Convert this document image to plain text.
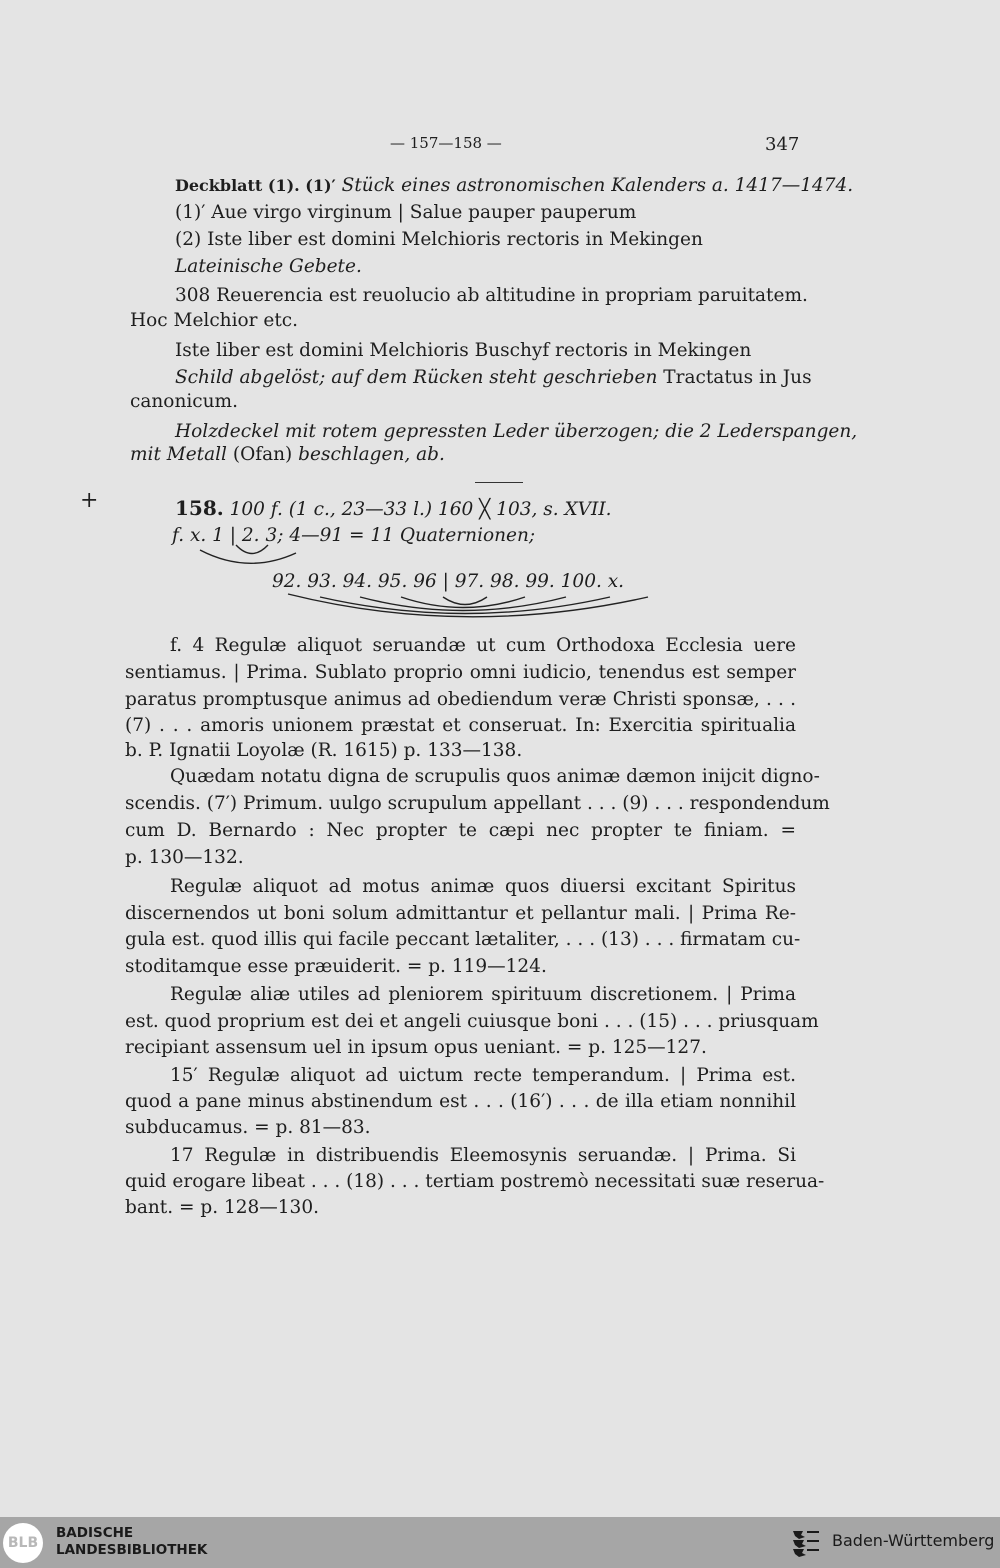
— 157—158 —	347
Deckblatt (1). (1)′ Stück eines astronomischen Kalenders a. 1417—1474.
(1)′ Aue virgo virginum | Salue pauper pauperum
(2) Iste liber est domini Melchioris rectoris in Mekingen
Lateinische Gebete.
308 Reuerencia est reuolucio ab altitudine in propriam paruitatem.
Hoc Melchior etc.
Iste liber est domini Melchioris Buschyf rectoris in Mekingen
Schild abgelöst; auf dem Rücken steht geschrieben Tractatus in Jus
canonicum.
Holzdeckel mit rotem gepressten Leder überzogen; die 2 Lederspangen,
mit Metall (Ofan) beschlagen, ab.
+	158. 100 f. (1 c., 23—33 l.) 160 ╳ 103, s. XVII.
f. x. 1 | 2. 3; 4—91 = 11 Quaternionen;
92. 93. 94. 95. 96 | 97. 98. 99. 100. x.
f. 4 Regulæ aliquot seruandæ ut cum Orthodoxa Ecclesia uere
sentiamus. | Prima. Sublato proprio omni iudicio, tenendus est semper
paratus promptusque animus ad obediendum veræ Christi sponsæ, . . .
(7) . . . amoris unionem præstat et conseruat. In: Exercitia spiritualia
b. P. Ignatii Loyolæ (R. 1615) p. 133—138.
Quædam notatu digna de scrupulis quos animæ dæmon inijcit digno-
scendis. (7′) Primum. uulgo scrupulum appellant . . . (9) . . . respondendum
cum D. Bernardo : Nec propter te cæpi nec propter te finiam. =
p. 130—132.
Regulæ aliquot ad motus animæ quos diuersi excitant Spiritus
discernendos ut boni solum admittantur et pellantur mali. | Prima Re-
gula est. quod illis qui facile peccant lætaliter, . . . (13) . . . firmatam cu-
stoditamque esse præuiderit. = p. 119—124.
Regulæ aliæ utiles ad pleniorem spirituum discretionem. | Prima
est. quod proprium est dei et angeli cuiusque boni . . . (15) . . . priusquam
recipiant assensum uel in ipsum opus ueniant. = p. 125—127.
15′ Regulæ aliquot ad uictum recte temperandum. | Prima est.
quod a pane minus abstinendum est . . . (16′) . . . de illa etiam nonnihil
subducamus. = p. 81—83.
17 Regulæ in distribuendis Eleemosynis seruandæ. | Prima. Si
quid erogare libeat . . . (18) . . . tertiam postremò necessitati suæ reserua-
bant. = p. 128—130.
BLB
BADISCHE
LANDESBIBLIOTHEK	Baden-Württemberg
